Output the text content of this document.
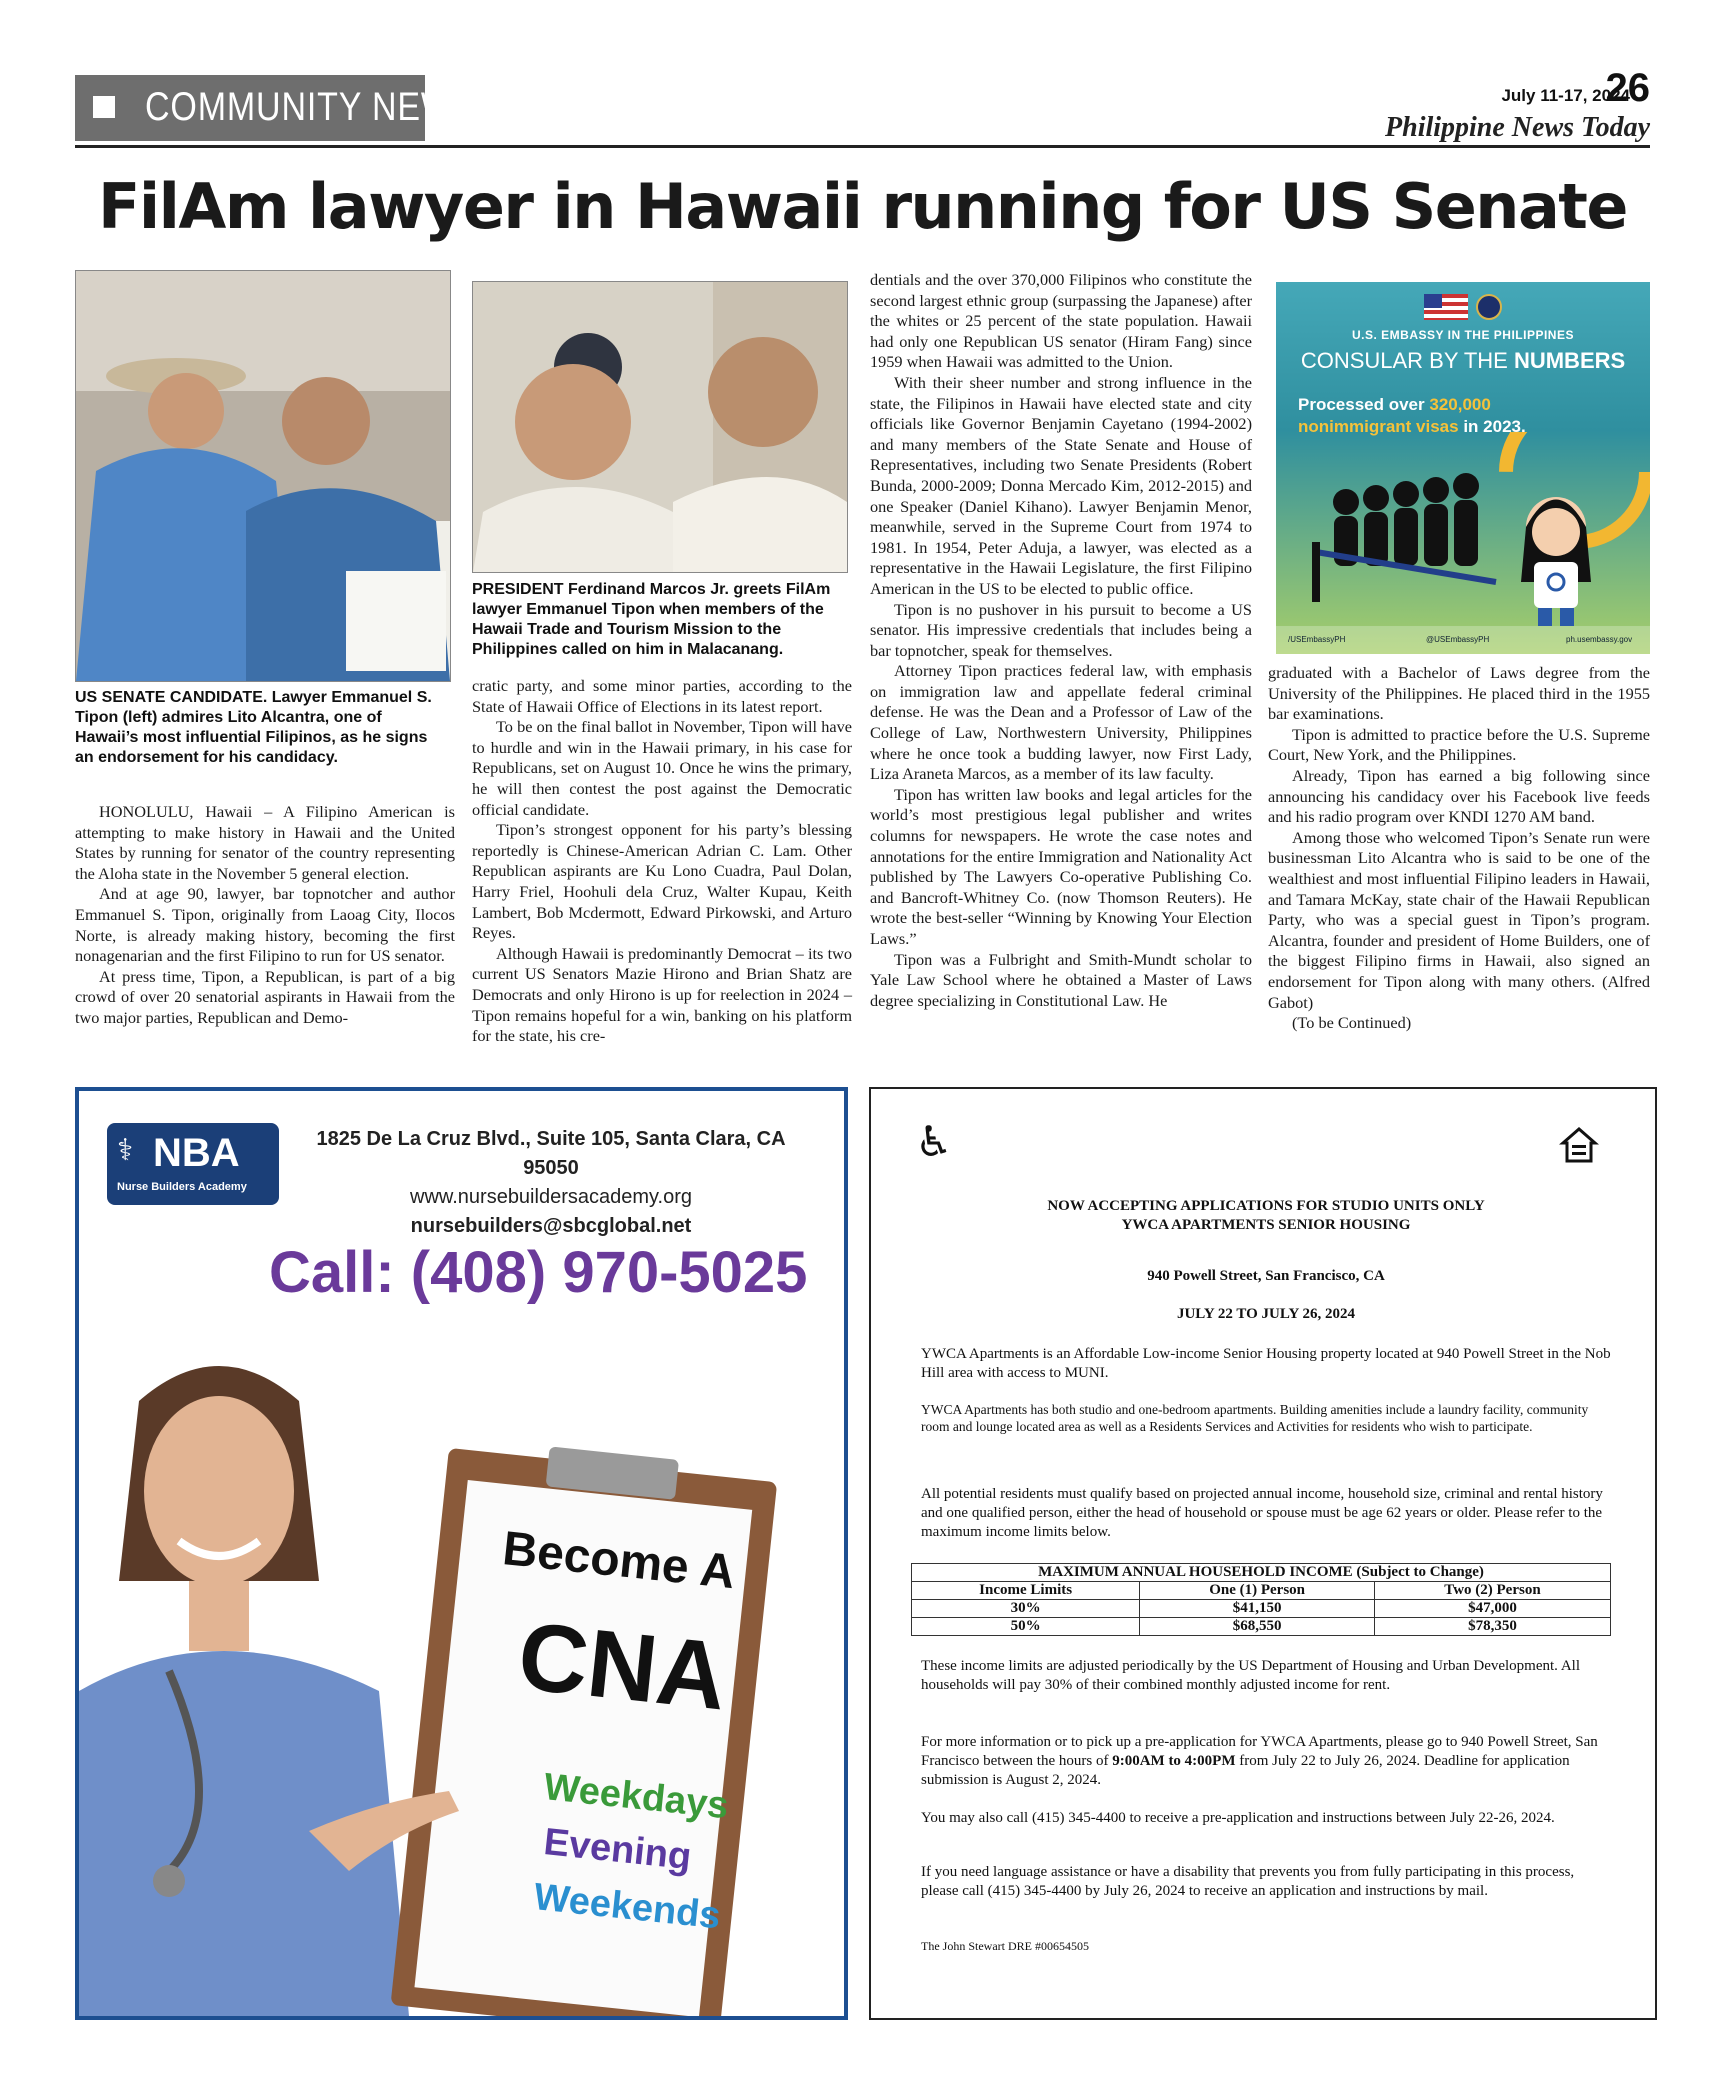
COMMUNITY NEWS	July 11-17, 2024
26
Philippine News Today
FilAm lawyer in Hawaii running for US Senate
US SENATE CANDIDATE. Lawyer Emmanuel S. Tipon (left) admires Lito Alcantra, one of Hawaii’s most influential Filipinos, as he signs an endorsement for his candidacy.
PRESIDENT Ferdinand Marcos Jr. greets FilAm lawyer Emmanuel Tipon when members of the Hawaii Trade and Tourism Mission to the Philippines called on him in Malacanang.

HONOLULU, Hawaii – A Filipino American is attempting to make history in Hawaii and the United States by running for senator of the country representing the Aloha state in the November 5 general election.

And at age 90, lawyer, bar topnotcher and author Emmanuel S. Tipon, originally from Laoag City, Ilocos Norte, is already making history, becoming the first nonagenarian and the first Filipino to run for US senator.

At press time, Tipon, a Republican, is part of a big crowd of over 20 senatorial aspirants in Hawaii from the two major parties, Republican and Demo-

cratic party, and some minor parties, according to the State of Hawaii Office of Elections in its latest report.

To be on the final ballot in November, Tipon will have to hurdle and win in the Hawaii primary, in his case for Republicans, set on August 10. Once he wins the primary, he will then contest the post against the Democratic official candidate.

Tipon’s strongest opponent for his party’s blessing reportedly is Chinese-American Adrian C. Lam. Other Republican aspirants are Ku Lono Cuadra, Paul Dolan, Harry Friel, Hoohuli dela Cruz, Walter Kupau, Keith Lambert, Bob Mcdermott, Edward Pirkowski, and Arturo Reyes.

Although Hawaii is predominantly Democrat – its two current US Senators Mazie Hirono and Brian Shatz are Democrats and only Hirono is up for reelection in 2024 – Tipon remains hopeful for a win, banking on his platform for the state, his cre-

dentials and the over 370,000 Filipinos who constitute the second largest ethnic group (surpassing the Japanese) after the whites or 25 percent of the state population. Hawaii had only one Republican US senator (Hiram Fang) since 1959 when Hawaii was admitted to the Union.

With their sheer number and strong influence in the state, the Filipinos in Hawaii have elected state and city officials like Governor Benjamin Cayetano (1994-2002) and many members of the State Senate and House of Representatives, including two Senate Presidents (Robert Bunda, 2000-2009; Donna Mercado Kim, 2012-2015) and one Speaker (Daniel Kihano). Lawyer Benjamin Menor, meanwhile, served in the Supreme Court from 1974 to 1981. In 1954, Peter Aduja, a lawyer, was elected as a representative in the Hawaii Legislature, the first Filipino American in the US to be elected to public office.

Tipon is no pushover in his pursuit to become a US senator. His impressive credentials that includes being a bar topnotcher, speak for themselves.

Attorney Tipon practices federal law, with emphasis on immigration law and appellate federal criminal defense. He was the Dean and a Professor of Law of the College of Law, Northwestern University, Philippines where he once took a budding lawyer, now First Lady, Liza Araneta Marcos, as a member of its law faculty.

Tipon has written law books and legal articles for the world’s most prestigious legal publisher and writes columns for newspapers. He wrote the case notes and annotations for the entire Immigration and Nationality Act published by The Lawyers Co-operative Publishing Co. and Bancroft-Whitney Co. (now Thomson Reuters). He wrote the best-seller “Winning by Knowing Your Election Laws.”

Tipon was a Fulbright and Smith-Mundt scholar to Yale Law School where he obtained a Master of Laws degree specializing in Constitutional Law. He

U.S. EMBASSY IN THE PHILIPPINES
CONSULAR BY THE NUMBERS
Processed over 320,000
nonimmigrant visas in 2023.
/USEmbassyPH	@USEmbassyPH	ph.usembassy.gov

graduated with a Bachelor of Laws degree from the University of the Philippines. He placed third in the 1955 bar examinations.

Tipon is admitted to practice before the U.S. Supreme Court, New York, and the Philippines.

Already, Tipon has earned a big following since announcing his candidacy over his Facebook live feeds and his radio program over KNDI 1270 AM band.

Among those who welcomed Tipon’s Senate run were businessman Lito Alcantra who is said to be one of the wealthiest and most influential Filipino leaders in Hawaii, and Tamara McKay, state chair of the Hawaii Republican Party, who was a special guest in Tipon’s program. Alcantra, founder and president of Home Builders, one of the biggest Filipino firms in Hawaii, also signed an endorsement for Tipon along with many others. (Alfred Gabot)

(To be Continued)

⚕ NBA
Nurse Builders Academy
1825 De La Cruz Blvd., Suite 105, Santa Clara, CA 95050
www.nursebuildersacademy.org
nursebuilders@sbcglobal.net
Call: (408) 970-5025
Become A
CNA
Weekdays
Evening
Weekends
♿
NOW ACCEPTING APPLICATIONS FOR STUDIO UNITS ONLY
YWCA APARTMENTS SENIOR HOUSING
940 Powell Street, San Francisco, CA
JULY 22 TO JULY 26, 2024
YWCA Apartments is an Affordable Low-income Senior Housing property located at 940 Powell Street in the Nob Hill area with access to MUNI.
YWCA Apartments has both studio and one-bedroom apartments. Building amenities include a laundry facility, community room and lounge located area as well as a Residents Services and Activities for residents who wish to participate.
All potential residents must qualify based on projected annual income, household size, criminal and rental history and one qualified person, either the head of household or spouse must be age 62 years or older. Please refer to the maximum income limits below.
MAXIMUM ANNUAL HOUSEHOLD INCOME (Subject to Change)		
Income Limits	One (1) Person	Two (2) Person
30%	$41,150	$47,000
50%	$68,550	$78,350
These income limits are adjusted periodically by the US Department of Housing and Urban Development. All households will pay 30% of their combined monthly adjusted income for rent.
For more information or to pick up a pre-application for YWCA Apartments, please go to 940 Powell Street, San Francisco between the hours of 9:00AM to 4:00PM from July 22 to July 26, 2024. Deadline for application submission is August 2, 2024.
You may also call (415) 345-4400 to receive a pre-application and instructions between July 22-26, 2024.
If you need language assistance or have a disability that prevents you from fully participating in this process, please call (415) 345-4400 by July 26, 2024 to receive an application and instructions by mail.
The John Stewart DRE #00654505
